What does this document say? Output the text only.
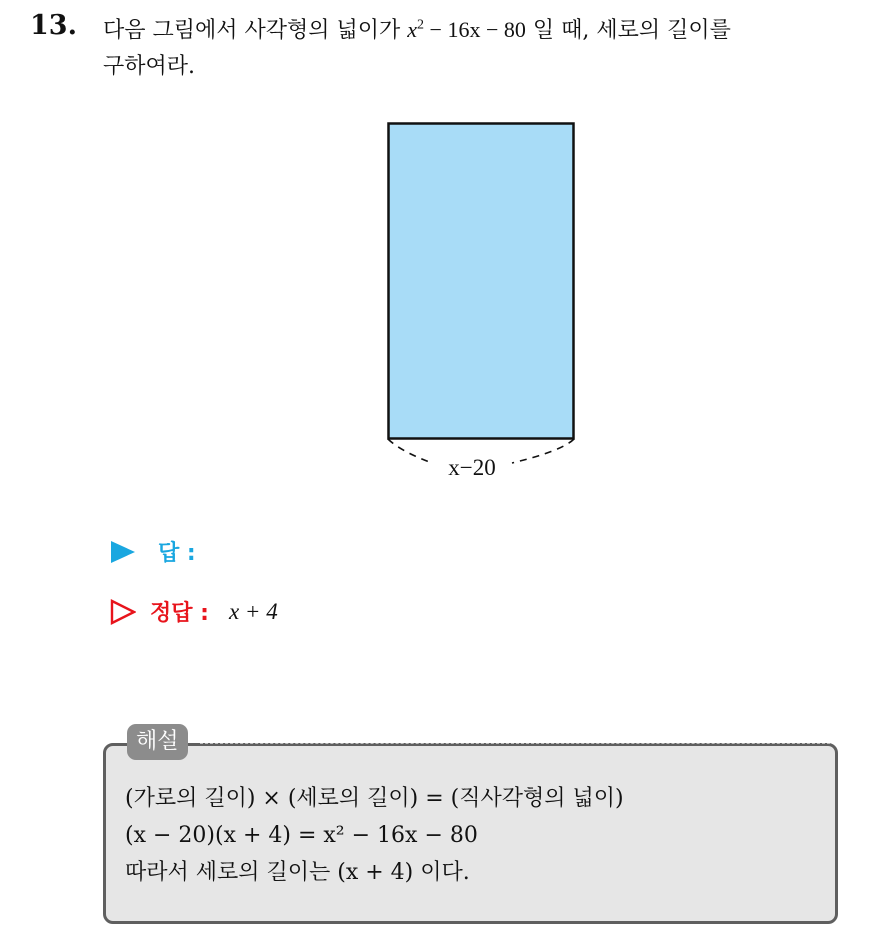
13. 다음 그림에서 사각형의 넓이가 $x^2 - 16x - 80$ 일 때, 세로의 길이를
구하여라.
x−20
답 :
정답 : x + 4
해설
(가로의 길이) × (세로의 길이) = (직사각형의 넓이)
(x − 20)(x + 4) = x² − 16x − 80
따라서 세로의 길이는 (x + 4) 이다.
